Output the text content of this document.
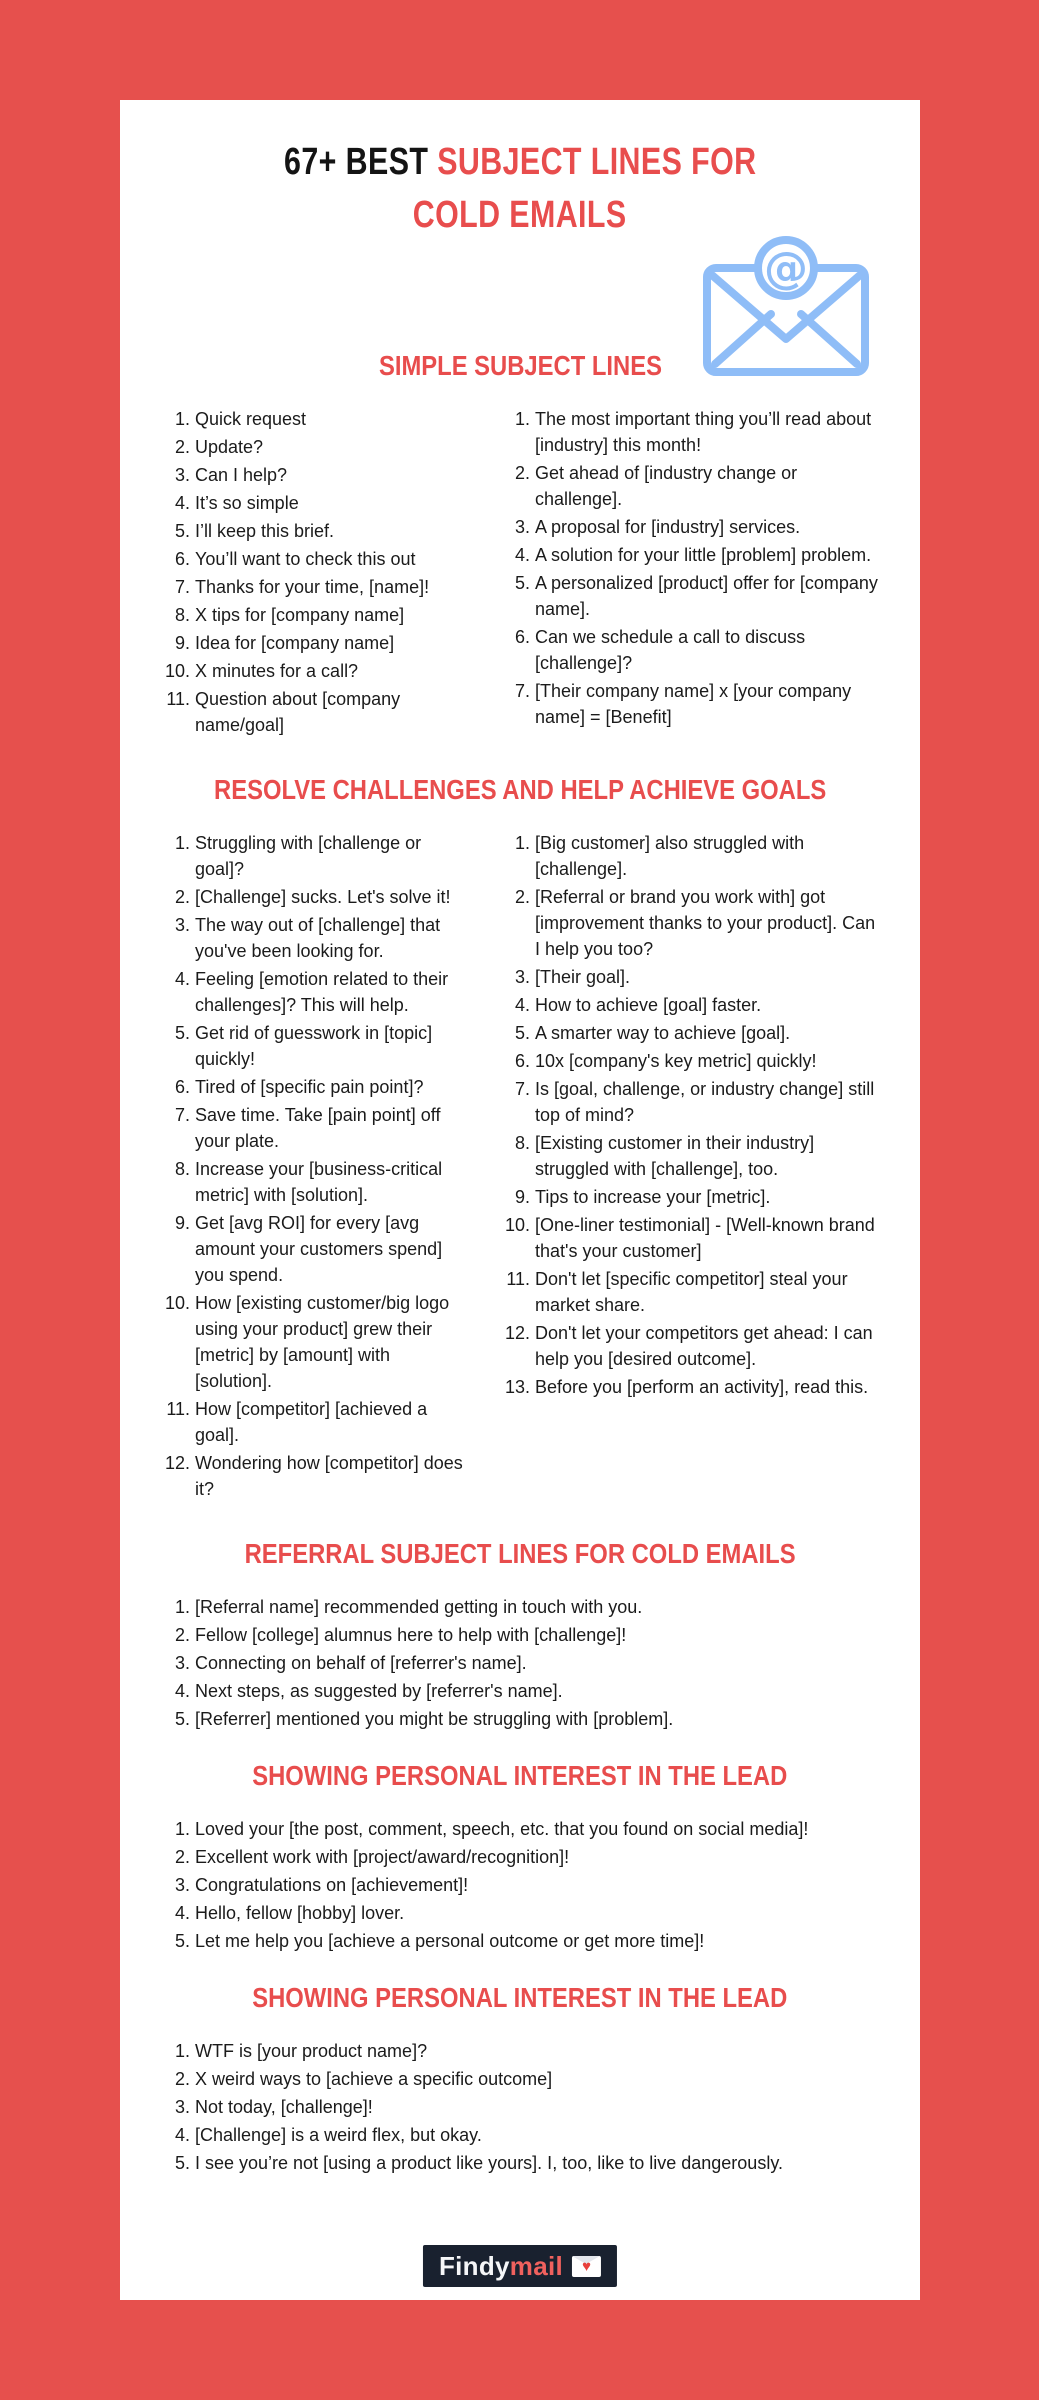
67+ BEST SUBJECT LINES FOR
COLD EMAILS
@
SIMPLE SUBJECT LINES
1. Quick request
2. Update?
3. Can I help?
4. It’s so simple
5. I’ll keep this brief.
6. You’ll want to check this out
7. Thanks for your time, [name]!
8. X tips for [company name]
9. Idea for [company name]
10. X minutes for a call?
11. Question about [company name/goal]
1. The most important thing you’ll read about [industry] this month!
2. Get ahead of [industry change or challenge].
3. A proposal for [industry] services.
4. A solution for your little [problem] problem.
5. A personalized [product] offer for [company name].
6. Can we schedule a call to discuss [challenge]?
7. [Their company name] x [your company name] = [Benefit]
RESOLVE CHALLENGES AND HELP ACHIEVE GOALS
1. Struggling with [challenge or goal]?
2. [Challenge] sucks. Let's solve it!
3. The way out of [challenge] that you've been looking for.
4. Feeling [emotion related to their challenges]? This will help.
5. Get rid of guesswork in [topic] quickly!
6. Tired of [specific pain point]?
7. Save time. Take [pain point] off your plate.
8. Increase your [business-critical metric] with [solution].
9. Get [avg ROI] for every [avg amount your customers spend] you spend.
10. How [existing customer/big logo using your product] grew their [metric] by [amount] with [solution].
11. How [competitor] [achieved a goal].
12. Wondering how [competitor] does it?
1. [Big customer] also struggled with [challenge].
2. [Referral or brand you work with] got [improvement thanks to your product]. Can I help you too?
3. [Their goal].
4. How to achieve [goal] faster.
5. A smarter way to achieve [goal].
6. 10x [company's key metric] quickly!
7. Is [goal, challenge, or industry change] still top of mind?
8. [Existing customer in their industry] struggled with [challenge], too.
9. Tips to increase your [metric].
10. [One-liner testimonial] - [Well-known brand that's your customer]
11. Don't let [specific competitor] steal your market share.
12. Don't let your competitors get ahead: I can help you [desired outcome].
13. Before you [perform an activity], read this.
REFERRAL SUBJECT LINES FOR COLD EMAILS
1. [Referral name] recommended getting in touch with you.
2. Fellow [college] alumnus here to help with [challenge]!
3. Connecting on behalf of [referrer's name].
4. Next steps, as suggested by [referrer's name].
5. [Referrer] mentioned you might be struggling with [problem].
SHOWING PERSONAL INTEREST IN THE LEAD
1. Loved your [the post, comment, speech, etc. that you found on social media]!
2. Excellent work with [project/award/recognition]!
3. Congratulations on [achievement]!
4. Hello, fellow [hobby] lover.
5. Let me help you [achieve a personal outcome or get more time]!
SHOWING PERSONAL INTEREST IN THE LEAD
1. WTF is [your product name]?
2. X weird ways to [achieve a specific outcome]
3. Not today, [challenge]!
4. [Challenge] is a weird flex, but okay.
5. I see you’re not [using a product like yours]. I, too, like to live dangerously.
Findy mail ♥
